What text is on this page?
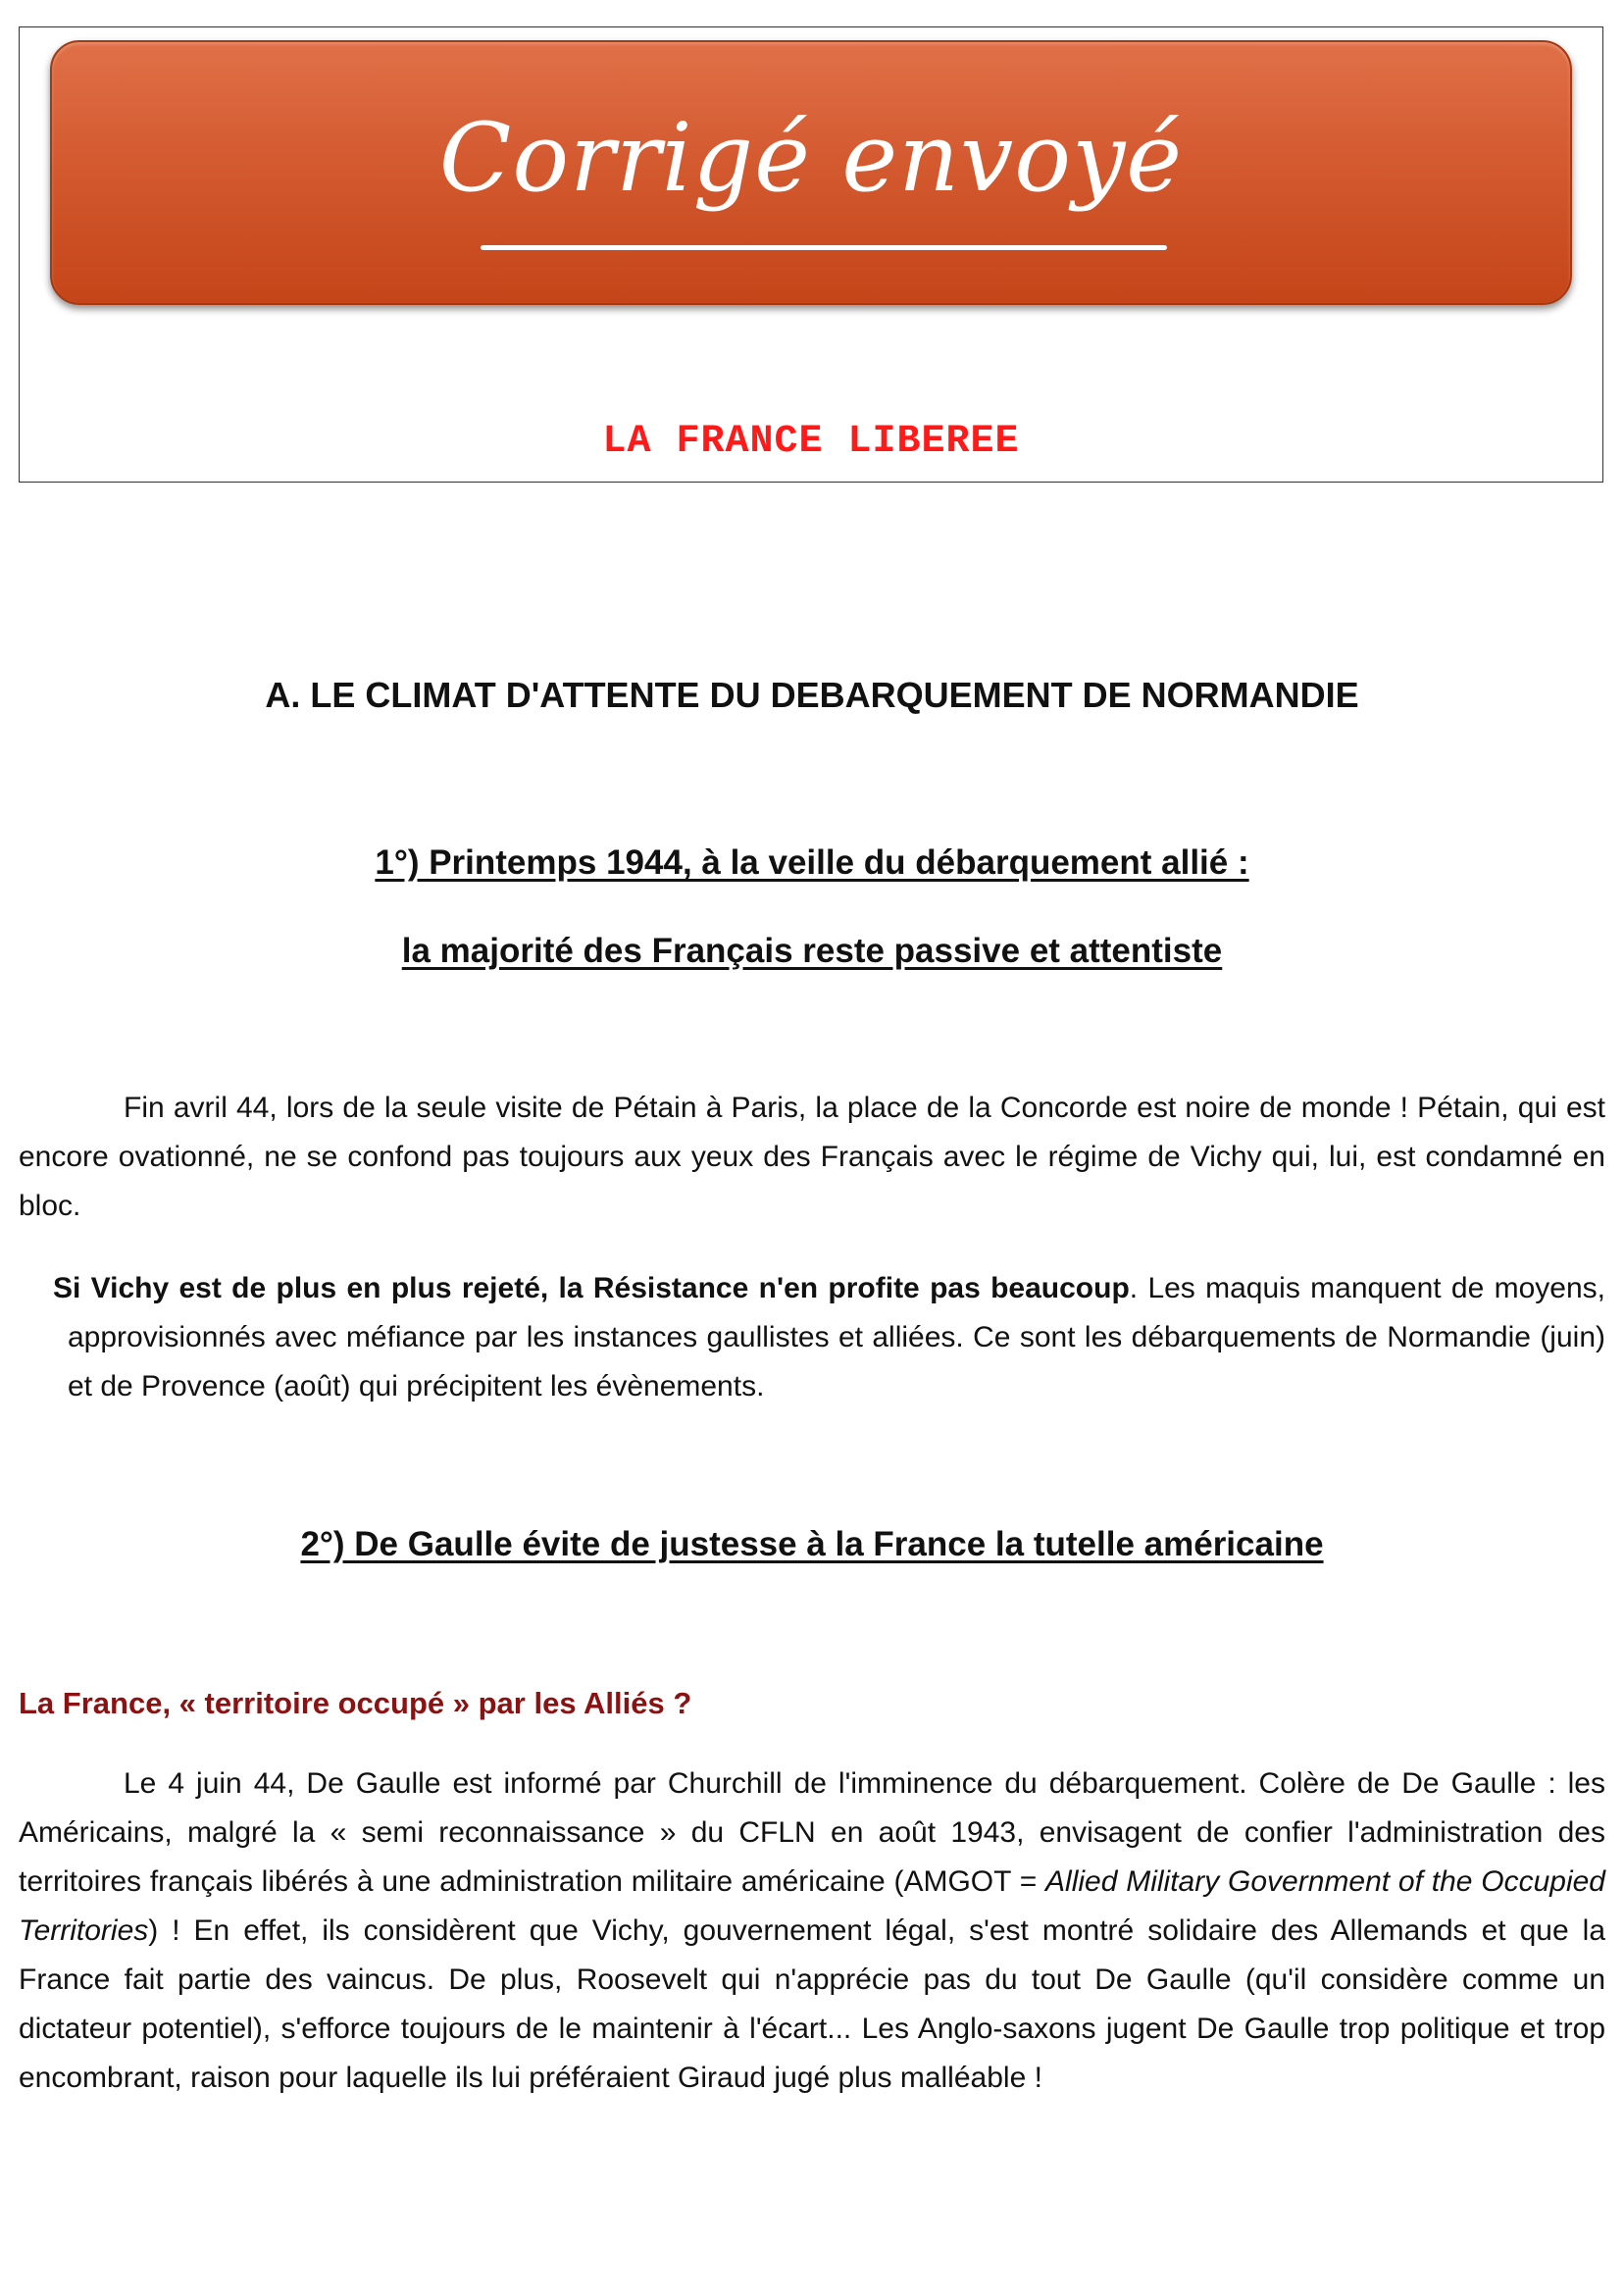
Corrigé envoyé
LA FRANCE LIBEREE
A. LE CLIMAT D'ATTENTE DU DEBARQUEMENT DE NORMANDIE
1°) Printemps 1944, à la veille du débarquement allié :
la majorité des Français reste passive et attentiste
Fin avril 44, lors de la seule visite de Pétain à Paris, la place de la Concorde est noire de monde ! Pétain, qui est encore ovationné, ne se confond pas toujours aux yeux des Français avec le régime de Vichy qui, lui, est condamné en bloc.
Si Vichy est de plus en plus rejeté, la Résistance n'en profite pas beaucoup. Les maquis manquent de moyens, approvisionnés avec méfiance par les instances gaullistes et alliées. Ce sont les débarquements de Normandie (juin) et de Provence (août) qui précipitent les évènements.
2°) De Gaulle évite de justesse à la France la tutelle américaine
La France, « territoire occupé » par les Alliés ?
Le 4 juin 44, De Gaulle est informé par Churchill de l'imminence du débarquement. Colère de De Gaulle : les Américains, malgré la « semi reconnaissance » du CFLN en août 1943, envisagent de confier l'administration des territoires français libérés à une administration militaire américaine (AMGOT = Allied Military Government of the Occupied Territories) ! En effet, ils considèrent que Vichy, gouvernement légal, s'est montré solidaire des Allemands et que la France fait partie des vaincus. De plus, Roosevelt qui n'apprécie pas du tout De Gaulle (qu'il considère comme un dictateur potentiel), s'efforce toujours de le maintenir à l'écart... Les Anglo-saxons jugent De Gaulle trop politique et trop encombrant, raison pour laquelle ils lui préféraient Giraud jugé plus malléable !
